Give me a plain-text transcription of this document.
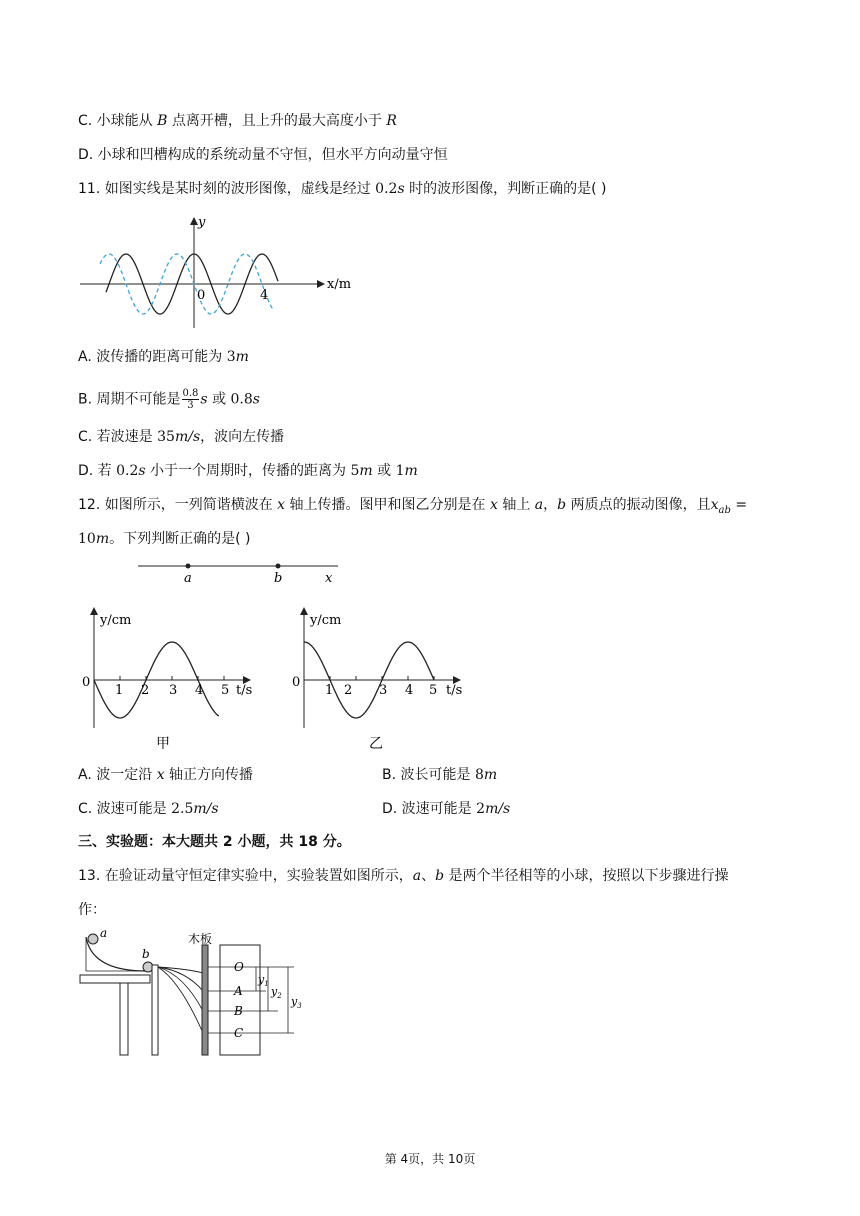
C. 小球能从 B 点离开槽，且上升的最大高度小于 R
D. 小球和凹槽构成的系统动量不守恒，但水平方向动量守恒
11. 如图实线是某时刻的波形图像，虚线是经过 0.2s 时的波形图像，判断正确的是( )
y
0	4
x/m
A. 波传播的距离可能为 3m
B. 周期不可能是 $\frac{0.8}{3}$ s 或 0.8s
C. 若波速是 35m/s，波向左传播
D. 若 0.2s 小于一个周期时，传播的距离为 5m 或 1m
12. 如图所示，一列简谐横波在 x 轴上传播。图甲和图乙分别是在 x 轴上 a，b 两质点的振动图像，且$x_{ab}$ =
10m。下列判断正确的是( )
a	b	x
y/cm
0
1 2 3 4 5 t/s
甲
y/cm
0
1 2 3 4 5 t/s
乙
A. 波一定沿 x 轴正方向传播	B. 波长可能是 8m
C. 波速可能是 2.5m/s	D. 波速可能是 2m/s
三、实验题：本大题共 2 小题，共 18 分。
13. 在验证动量守恒定律实验中，实验装置如图所示，a、b 是两个半径相等的小球，按照以下步骤进行操
作：
a
b
木板
O
A
B
C
$y_1$
$y_2$ $y_3$
第 4页，共 10页
